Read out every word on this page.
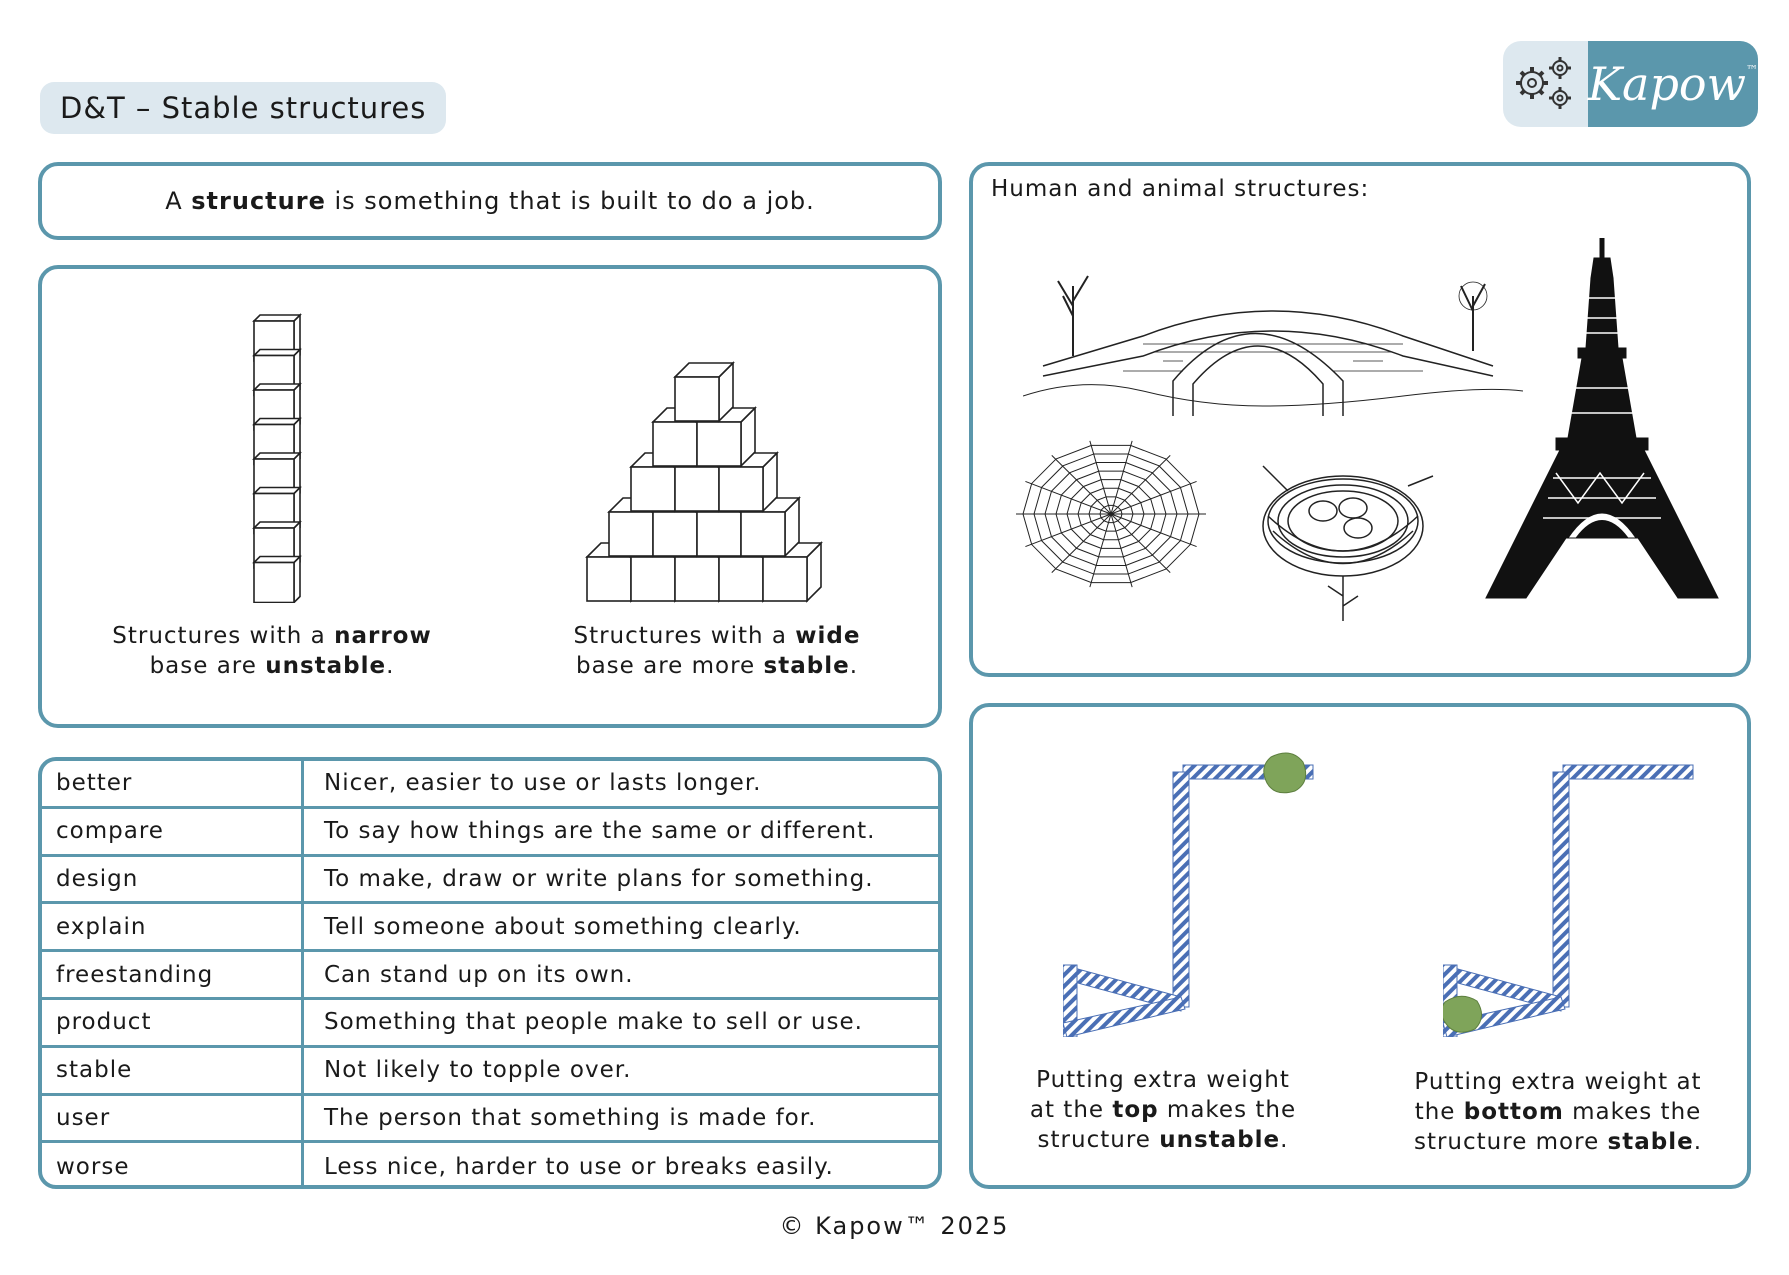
D&T – Stable structures	Kapow ™
A structure is something that is built to do a job.
Structures with a narrow
base are unstable.
Structures with a wide
base are more stable.
Human and animal structures:
Putting extra weight
at the top makes the
structure unstable.
Putting extra weight at
the bottom makes the
structure more stable.
better	Nicer, easier to use or lasts longer.
compare	To say how things are the same or different.
design	To make, draw or write plans for something.
explain	Tell someone about something clearly.
freestanding	Can stand up on its own.
product	Something that people make to sell or use.
stable	Not likely to topple over.
user	The person that something is made for.
worse	Less nice, harder to use or breaks easily.
© Kapow™ 2025
